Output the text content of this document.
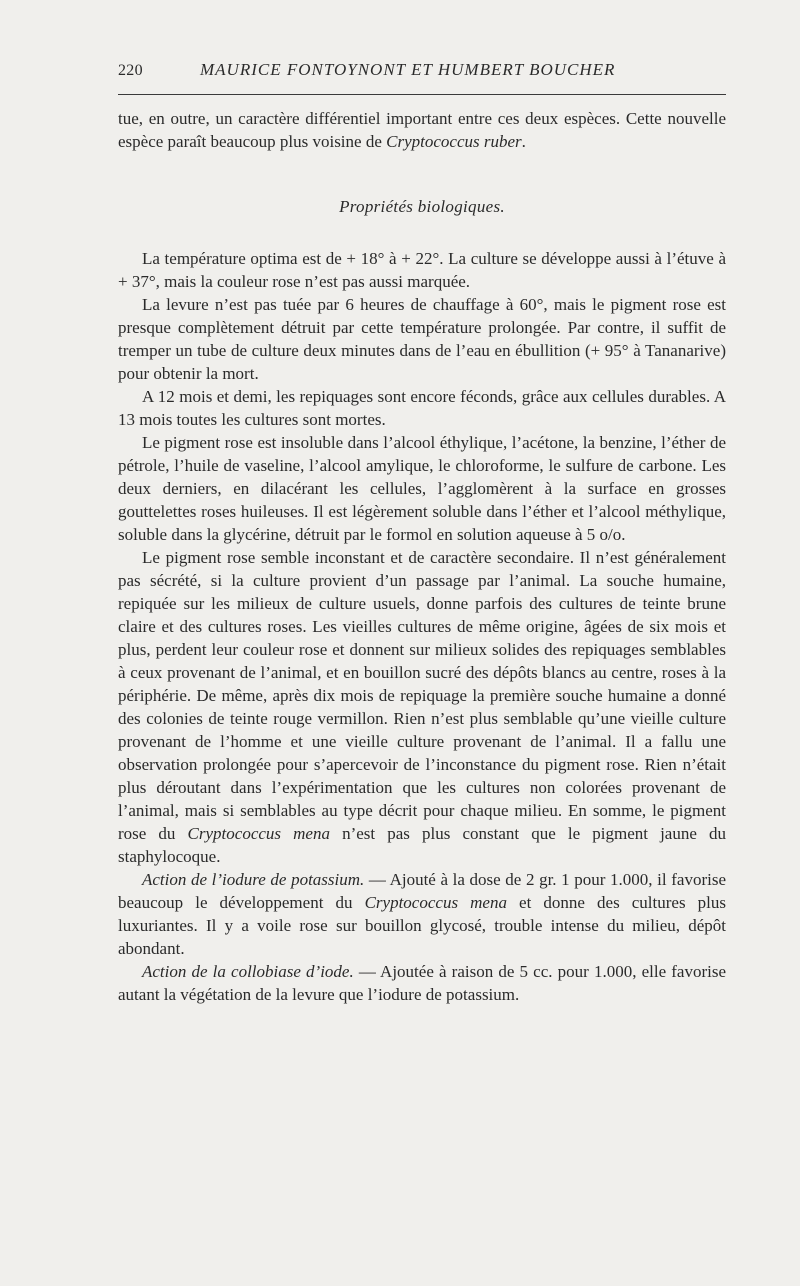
220	MAURICE FONTOYNONT ET HUMBERT BOUCHER

tue, en outre, un caractère différentiel important entre ces deux espèces. Cette nouvelle espèce paraît beaucoup plus voisine de Cryptococcus ruber.

Propriétés biologiques.

La température optima est de + 18° à + 22°. La culture se développe aussi à l’étuve à + 37°, mais la couleur rose n’est pas aussi marquée.

La levure n’est pas tuée par 6 heures de chauffage à 60°, mais le pigment rose est presque complètement détruit par cette température prolongée. Par contre, il suffit de tremper un tube de culture deux minutes dans de l’eau en ébullition (+ 95° à Tananarive) pour obtenir la mort.

A 12 mois et demi, les repiquages sont encore féconds, grâce aux cellules durables. A 13 mois toutes les cultures sont mortes.

Le pigment rose est insoluble dans l’alcool éthylique, l’acétone, la benzine, l’éther de pétrole, l’huile de vaseline, l’alcool amylique, le chloroforme, le sulfure de carbone. Les deux derniers, en dilacérant les cellules, l’agglomèrent à la surface en grosses gouttelettes roses huileuses. Il est légèrement soluble dans l’éther et l’alcool méthylique, soluble dans la glycérine, détruit par le formol en solution aqueuse à 5 o/o.

Le pigment rose semble inconstant et de caractère secondaire. Il n’est généralement pas sécrété, si la culture provient d’un passage par l’animal. La souche humaine, repiquée sur les milieux de culture usuels, donne parfois des cultures de teinte brune claire et des cultures roses. Les vieilles cultures de même origine, âgées de six mois et plus, perdent leur couleur rose et donnent sur milieux solides des repiquages semblables à ceux provenant de l’animal, et en bouillon sucré des dépôts blancs au centre, roses à la périphérie. De même, après dix mois de repiquage la première souche humaine a donné des colonies de teinte rouge vermillon. Rien n’est plus semblable qu’une vieille culture provenant de l’homme et une vieille culture provenant de l’animal. Il a fallu une observation prolongée pour s’apercevoir de l’inconstance du pigment rose. Rien n’était plus déroutant dans l’expérimentation que les cultures non colorées provenant de l’animal, mais si semblables au type décrit pour chaque milieu. En somme, le pigment rose du Cryptococcus mena n’est pas plus constant que le pigment jaune du staphylocoque.

Action de l’iodure de potassium. — Ajouté à la dose de 2 gr. 1 pour 1.000, il favorise beaucoup le développement du Cryptococcus mena et donne des cultures plus luxuriantes. Il y a voile rose sur bouillon glycosé, trouble intense du milieu, dépôt abondant.

Action de la collobiase d’iode. — Ajoutée à raison de 5 cc. pour 1.000, elle favorise autant la végétation de la levure que l’iodure de potassium.
